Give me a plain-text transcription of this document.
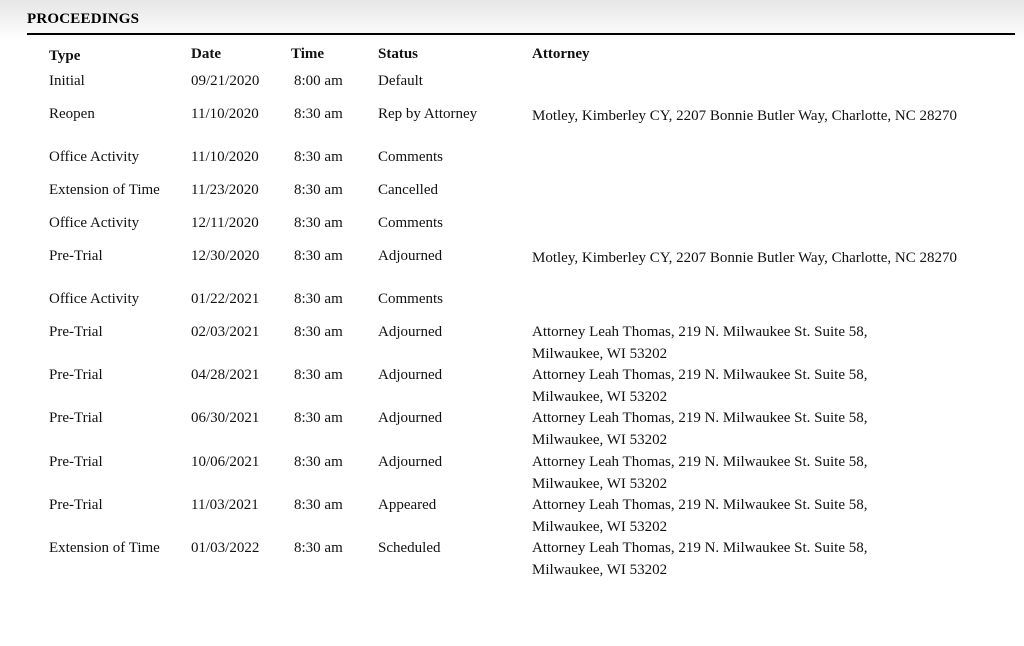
PROCEEDINGS
Type	Date	Time	Status	Attorney
Initial	09/21/2020 8:00 am Default
Reopen	11/10/2020 8:30 am Rep by Attorney	Motley, Kimberley CY, 2207 Bonnie Butler Way, Charlotte, NC 28270
Office Activity	11/10/2020 8:30 am Comments
Extension of Time 11/23/2020 8:30 am Cancelled
Office Activity	12/11/2020 8:30 am Comments
Pre-Trial	12/30/2020 8:30 am Adjourned	Motley, Kimberley CY, 2207 Bonnie Butler Way, Charlotte, NC 28270
Office Activity	01/22/2021 8:30 am Comments
Pre-Trial	02/03/2021 8:30 am Adjourned	Attorney Leah Thomas, 219 N. Milwaukee St. Suite 58, Milwaukee, WI 53202
Pre-Trial	04/28/2021 8:30 am Adjourned	Attorney Leah Thomas, 219 N. Milwaukee St. Suite 58, Milwaukee, WI 53202
Pre-Trial	06/30/2021 8:30 am Adjourned	Attorney Leah Thomas, 219 N. Milwaukee St. Suite 58, Milwaukee, WI 53202
Pre-Trial	10/06/2021 8:30 am Adjourned	Attorney Leah Thomas, 219 N. Milwaukee St. Suite 58, Milwaukee, WI 53202
Pre-Trial	11/03/2021 8:30 am Appeared	Attorney Leah Thomas, 219 N. Milwaukee St. Suite 58, Milwaukee, WI 53202
Extension of Time 01/03/2022 8:30 am Scheduled	Attorney Leah Thomas, 219 N. Milwaukee St. Suite 58, Milwaukee, WI 53202
